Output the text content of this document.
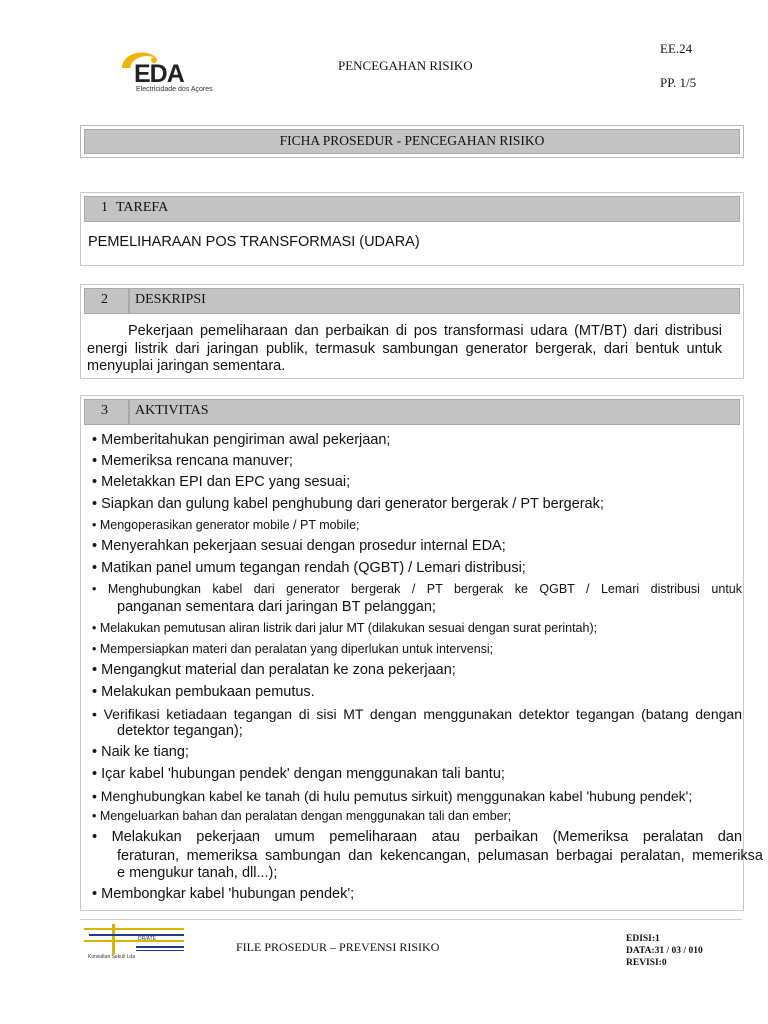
EDA
Electricidade dos Açores
PENCEGAHAN RISIKO
EE.24
PP. 1/5
FICHA PROSEDUR - PENCEGAHAN RISIKO
1 TAREFA
PEMELIHARAAN POS TRANSFORMASI (UDARA)
2 DESKRIPSI
Pekerjaan pemeliharaan dan perbaikan di pos transformasi udara (MT/BT) dari distribusi energi listrik dari jaringan publik, termasuk sambungan generator bergerak, dari bentuk untuk menyuplai jaringan sementara.
3 AKTIVITAS
• Memberitahukan pengiriman awal pekerjaan;
• Memeriksa rencana manuver;
• Meletakkan EPI dan EPC yang sesuai;
• Siapkan dan gulung kabel penghubung dari generator bergerak / PT bergerak;
• Mengoperasikan generator mobile / PT mobile;
• Menyerahkan pekerjaan sesuai dengan prosedur internal EDA;
• Matikan panel umum tegangan rendah (QGBT) / Lemari distribusi;
• Menghubungkan kabel dari generator bergerak / PT bergerak ke QGBT / Lemari distribusi untuk
panganan sementara dari jaringan BT pelanggan;
• Melakukan pemutusan aliran listrik dari jalur MT (dilakukan sesuai dengan surat perintah);
• Mempersiapkan materi dan peralatan yang diperlukan untuk intervensi;
• Mengangkut material dan peralatan ke zona pekerjaan;
• Melakukan pembukaan pemutus.
• Verifikasi ketiadaan tegangan di sisi MT dengan menggunakan detektor tegangan (batang dengan
detektor tegangan);
• Naik ke tiang;
• Içar kabel 'hubungan pendek' dengan menggunakan tali bantu;
• Menghubungkan kabel ke tanah (di hulu pemutus sirkuit) menggunakan kabel 'hubung pendek';
• Mengeluarkan bahan dan peralatan dengan menggunakan tali dan ember;
• Melakukan pekerjaan umum pemeliharaan atau perbaikan (Memeriksa peralatan dan
feraturan, memeriksa sambungan dan kekencangan, pelumasan berbagai peralatan, memeriksa
e mengukur tanah, dll...);
• Membongkar kabel 'hubungan pendek';
DR/ATE
Konsultan Sekuli Lda
FILE PROSEDUR – PREVENSI RISIKO
EDISI:1
DATA:31 / 03 / 010
REVISI:0
